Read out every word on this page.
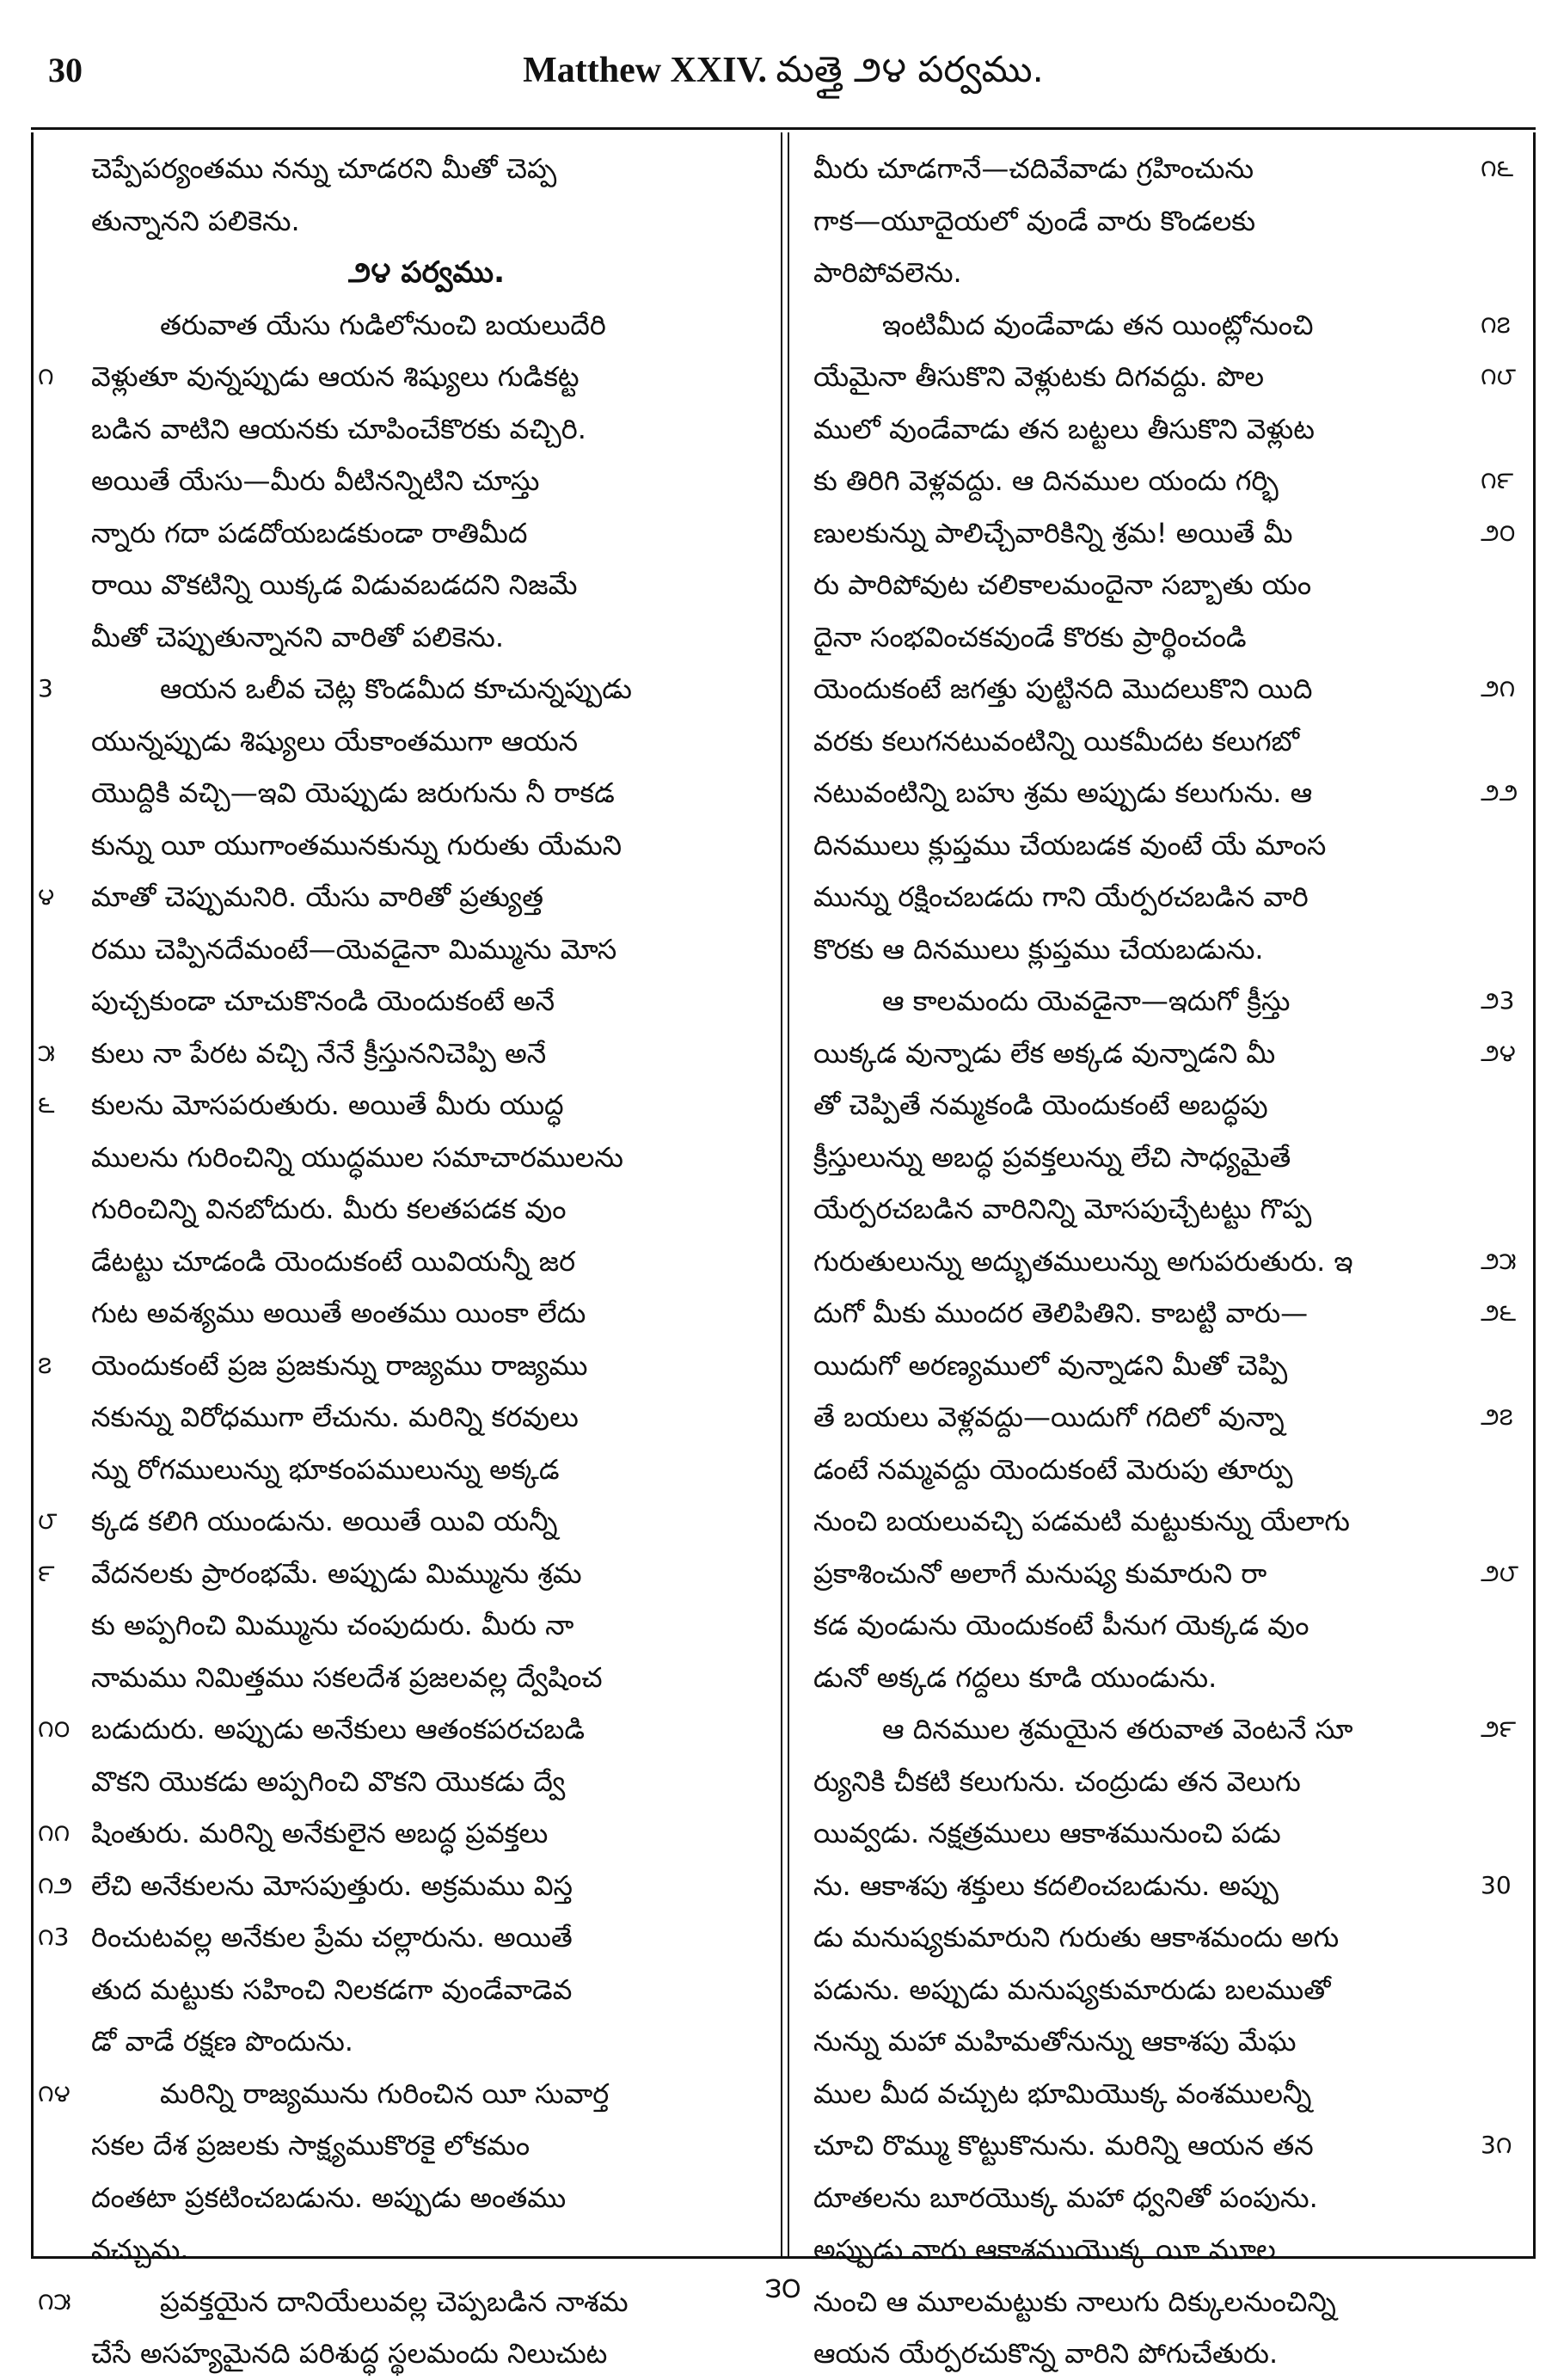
30	Matthew XXIV. మత్తై ౨౪ పర్వము.
చెప్పేపర్యంతము నన్ను చూడరని మీతో చెప్ప
తున్నానని పలికెను.
౨౪ పర్వము.
తరువాత యేసు గుడిలోనుంచి బయలుదేరి
వెళ్లుతూ వున్నప్పుడు ఆయన శిష్యులు గుడికట్ట
౧
బడిన వాటిని ఆయనకు చూపించేకొరకు వచ్చిరి.
అయితే యేసు—మీరు వీటినన్నిటిని చూస్తు
న్నారు గదా పడదోయబడకుండా రాతిమీద
రాయి వొకటిన్ని యిక్కడ విడువబడదని నిజమే
మీతో చెప్పుతున్నానని వారితో పలికెను.
ఆయన ఒలీవ చెట్ల కొండమీద కూచున్నప్పుడు
3
యున్నప్పుడు శిష్యులు యేకాంతముగా ఆయన
యొద్దికి వచ్చి—ఇవి యెప్పుడు జరుగును నీ రాకడ
కున్ను యీ యుగాంతమునకున్ను గురుతు యేమని
మాతో చెప్పుమనిరి. యేసు వారితో ప్రత్యుత్త
౪
రము చెప్పినదేమంటే—యెవడైనా మిమ్మును మోస
పుచ్చకుండా చూచుకొనండి యెందుకంటే అనే
కులు నా పేరట వచ్చి నేనే క్రీస్తుననిచెప్పి అనే
౫
కులను మోసపరుతురు. అయితే మీరు యుద్ధ
౬
ములను గురించిన్ని యుద్ధముల సమాచారములను
గురించిన్ని వినబోదురు. మీరు కలతపడక వుం
డేటట్టు చూడండి యెందుకంటే యివియన్నీ జర
గుట అవశ్యము అయితే అంతము యింకా లేదు
యెందుకంటే ప్రజ ప్రజకున్ను రాజ్యము రాజ్యము
౭
నకున్ను విరోధముగా లేచును. మరిన్ని కరవులు
న్ను రోగములున్ను భూకంపములున్ను అక్కడ
క్కడ కలిగి యుండును. అయితే యివి యన్నీ
౮
వేదనలకు ప్రారంభమే. అప్పుడు మిమ్మును శ్రమ
౯
కు అప్పగించి మిమ్మును చంపుదురు. మీరు నా
నామము నిమిత్తము సకలదేశ ప్రజలవల్ల ద్వేషించ
బడుదురు. అప్పుడు అనేకులు ఆతంకపరచబడి
౧౦
వొకని యొకడు అప్పగించి వొకని యొకడు ద్వే
షింతురు. మరిన్ని అనేకులైన అబద్ధ ప్రవక్తలు
౧౧
లేచి అనేకులను మోసపుత్తురు. అక్రమము విస్త
౧౨
రించుటవల్ల అనేకుల ప్రేమ చల్లారును. అయితే
౧3
తుద మట్టుకు సహించి నిలకడగా వుండేవాడెవ
డో వాడే రక్షణ పొందును.
మరిన్ని రాజ్యమును గురించిన యీ సువార్త
౧౪
సకల దేశ ప్రజలకు సాక్ష్యముకొరకై లోకమం
దంతటా ప్రకటించబడును. అప్పుడు అంతము
వచ్చును.
ప్రవక్తయైన దానియేలువల్ల చెప్పబడిన నాశమ
౧౫
చేసే అసహ్యమైనది పరిశుద్ధ స్థలమందు నిలుచుట
మీరు చూడగానే—చదివేవాడు గ్రహించును	౧౬
గాక—యూదైయలో వుండే వారు కొండలకు
పారిపోవలెను.
ఇంటిమీద వుండేవాడు తన యింట్లోనుంచి	౧౭
యేమైనా తీసుకొని వెళ్లుటకు దిగవద్దు. పొల	౧౮
ములో వుండేవాడు తన బట్టలు తీసుకొని వెళ్లుట
కు తిరిగి వెళ్లవద్దు. ఆ దినముల యందు గర్భి	౧౯
ణులకున్ను పాలిచ్చేవారికిన్ని శ్రమ! అయితే మీ	౨౦
రు పారిపోవుట చలికాలమందైనా సబ్బాతు యం
దైనా సంభవించకవుండే కొరకు ప్రార్థించండి
యెందుకంటే జగత్తు పుట్టినది మొదలుకొని యిది	౨౧
వరకు కలుగనటువంటిన్ని యికమీదట కలుగబో
నటువంటిన్ని బహు శ్రమ అప్పుడు కలుగును. ఆ	౨౨
దినములు క్లుప్తము చేయబడక వుంటే యే మాంస
మున్ను రక్షించబడదు గాని యేర్పరచబడిన వారి
కొరకు ఆ దినములు క్లుప్తము చేయబడును.
ఆ కాలమందు యెవడైనా—ఇదుగో క్రీస్తు	౨3
యిక్కడ వున్నాడు లేక అక్కడ వున్నాడని మీ	౨౪
తో చెప్పితే నమ్మకండి యెందుకంటే అబద్ధపు
క్రీస్తులున్ను అబద్ధ ప్రవక్తలున్ను లేచి సాధ్యమైతే
యేర్పరచబడిన వారినిన్ని మోసపుచ్చేటట్టు గొప్ప
గురుతులున్ను అద్భుతములున్ను అగుపరుతురు. ఇ	౨౫
దుగో మీకు ముందర తెలిపితిని. కాబట్టి వారు—	౨౬
యిదుగో అరణ్యములో వున్నాడని మీతో చెప్పి
తే బయలు వెళ్లవద్దు—యిదుగో గదిలో వున్నా	౨౭
డంటే నమ్మవద్దు యెందుకంటే మెరుపు తూర్పు
నుంచి బయలువచ్చి పడమటి మట్టుకున్ను యేలాగు
ప్రకాశించునో అలాగే మనుష్య కుమారుని రా	౨౮
కడ వుండును యెందుకంటే పీనుగ యెక్కడ వుం
డునో అక్కడ గద్దలు కూడి యుండును.
ఆ దినముల శ్రమయైన తరువాత వెంటనే సూ	౨౯
ర్యునికి చీకటి కలుగును. చంద్రుడు తన వెలుగు
యివ్వడు. నక్షత్రములు ఆకాశమునుంచి పడు
ను. ఆకాశపు శక్తులు కదలించబడును. అప్పు	30
డు మనుష్యకుమారుని గురుతు ఆకాశమందు అగు
పడును. అప్పుడు మనుష్యకుమారుడు బలముతో
నున్ను మహా మహిమతోనున్ను ఆకాశపు మేఘ
ముల మీద వచ్చుట భూమియొక్క వంశములన్నీ
చూచి రొమ్ము కొట్టుకొనును. మరిన్ని ఆయన తన	3౧
దూతలను బూరయొక్క మహా ధ్వనితో పంపును.
అప్పుడు వారు ఆకాశముయొక్క యీ మూల
నుంచి ఆ మూలమట్టుకు నాలుగు దిక్కులనుంచిన్ని
ఆయన యేర్పరచుకొన్న వారిని పోగుచేతురు.
౩౦
